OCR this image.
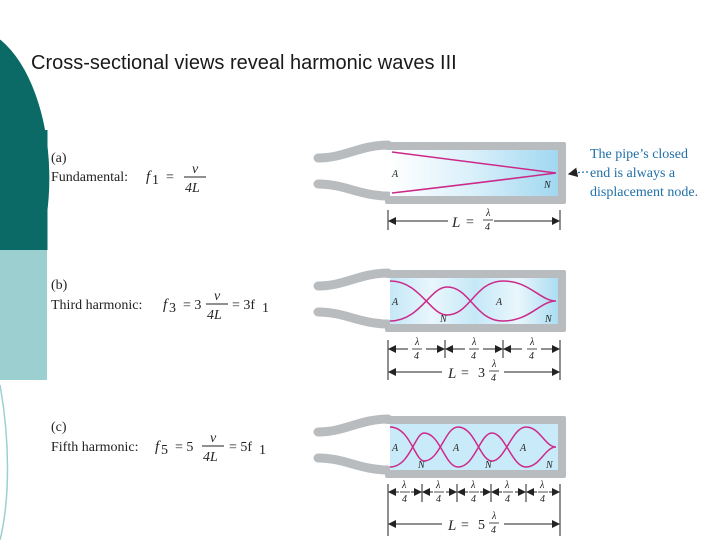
(a)
Fundamental: f 1 =
v
4L
A
N
The pipe’s closed
end is always a
displacement node.
L =
λ
4
(b)
Third harmonic: f 3 = 3
v
4L
= 3f 1	A	A
N	N
λ
4
λ
4
λ
4
L = 3
λ
4
(c)
Fifth harmonic: f 5 = 5
v
4L
= 5f 1	A	A	A
N	N	N
λ
4
λ
4
λ
4
λ
4
λ
4
L = 5
λ
4
Cross-sectional views reveal harmonic waves III
